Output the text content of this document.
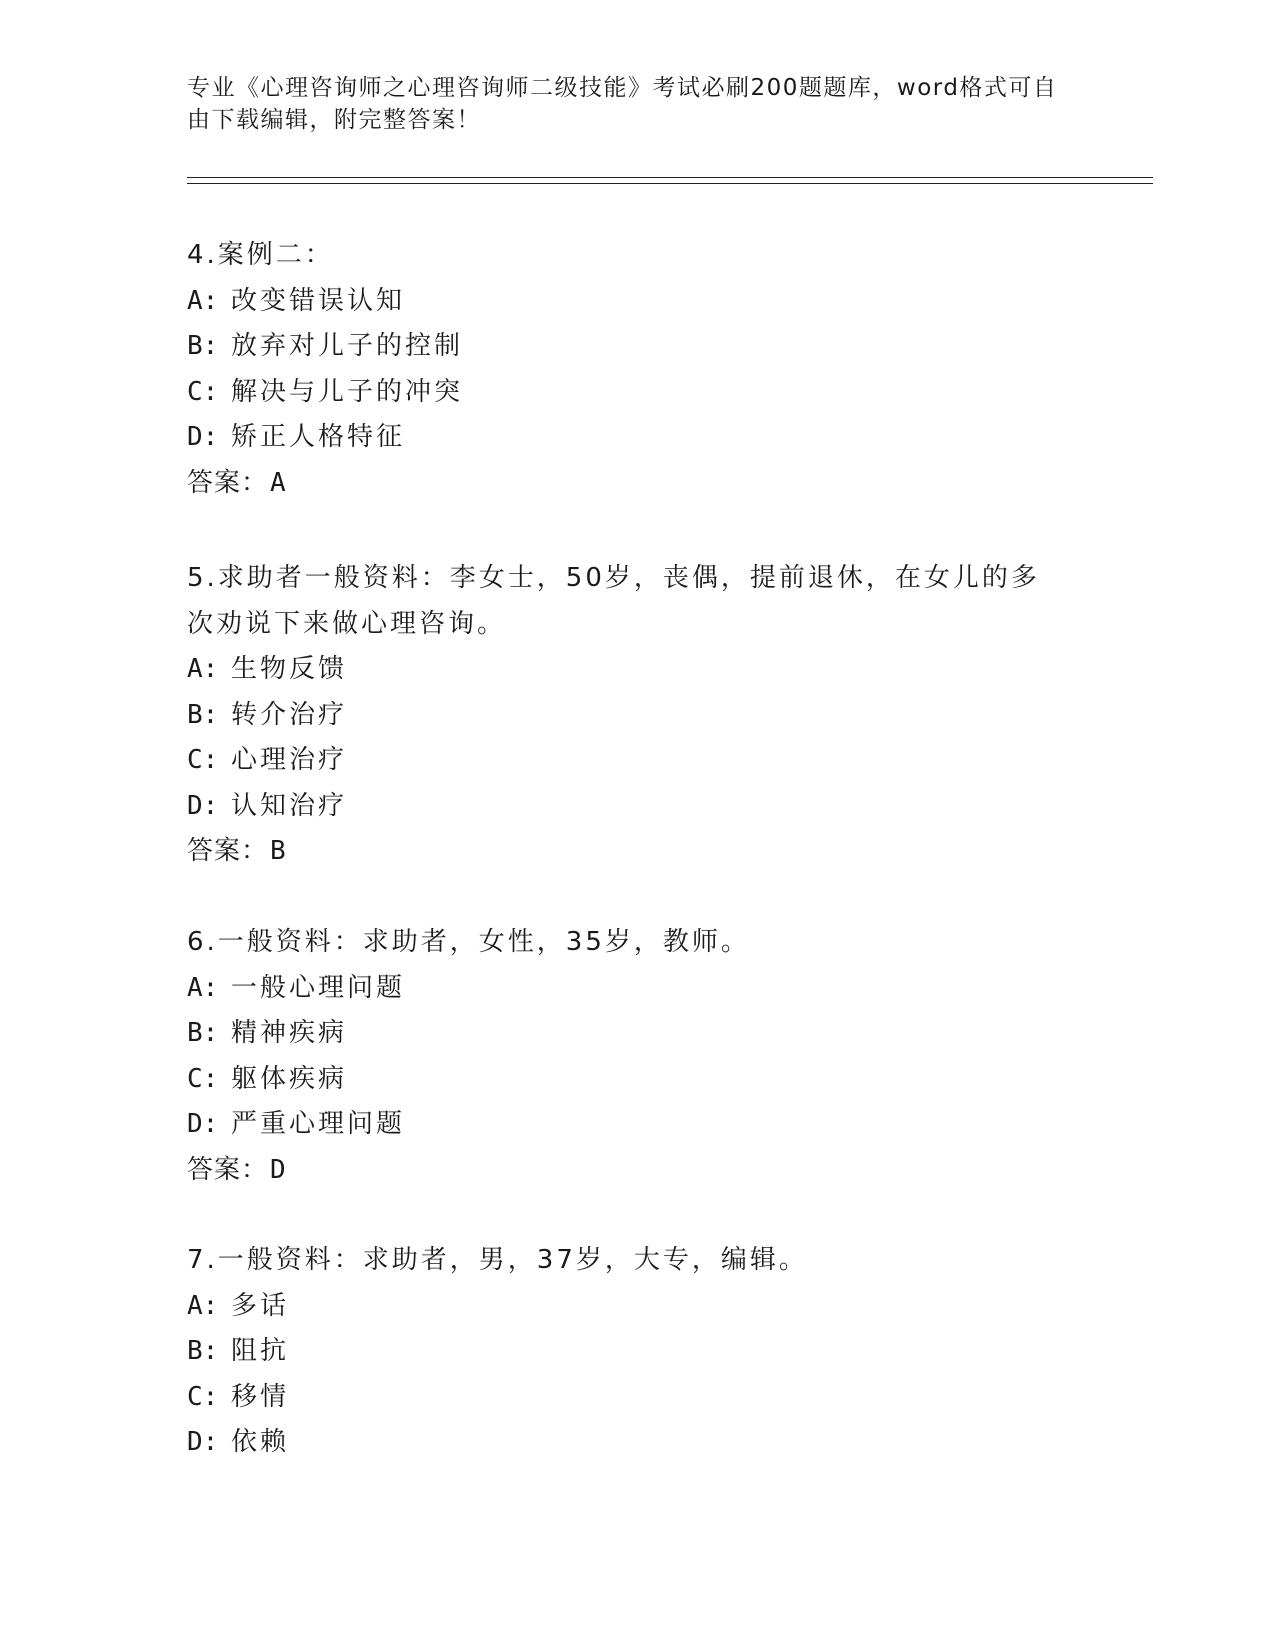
专业《心理咨询师之心理咨询师二级技能》考试必刷200题题库，word格式可自由下载编辑，附完整答案！
4.案例二：
A: 改变错误认知
B: 放弃对儿子的控制
C: 解决与儿子的冲突
D: 矫正人格特征
答案：A
5.求助者一般资料：李女士，50岁，丧偶，提前退休，在女儿的多次劝说下来做心理咨询。
A: 生物反馈
B: 转介治疗
C: 心理治疗
D: 认知治疗
答案：B
6.一般资料：求助者，女性，35岁，教师。
A: 一般心理问题
B: 精神疾病
C: 躯体疾病
D: 严重心理问题
答案：D
7.一般资料：求助者，男，37岁，大专，编辑。
A: 多话
B: 阻抗
C: 移情
D: 依赖
